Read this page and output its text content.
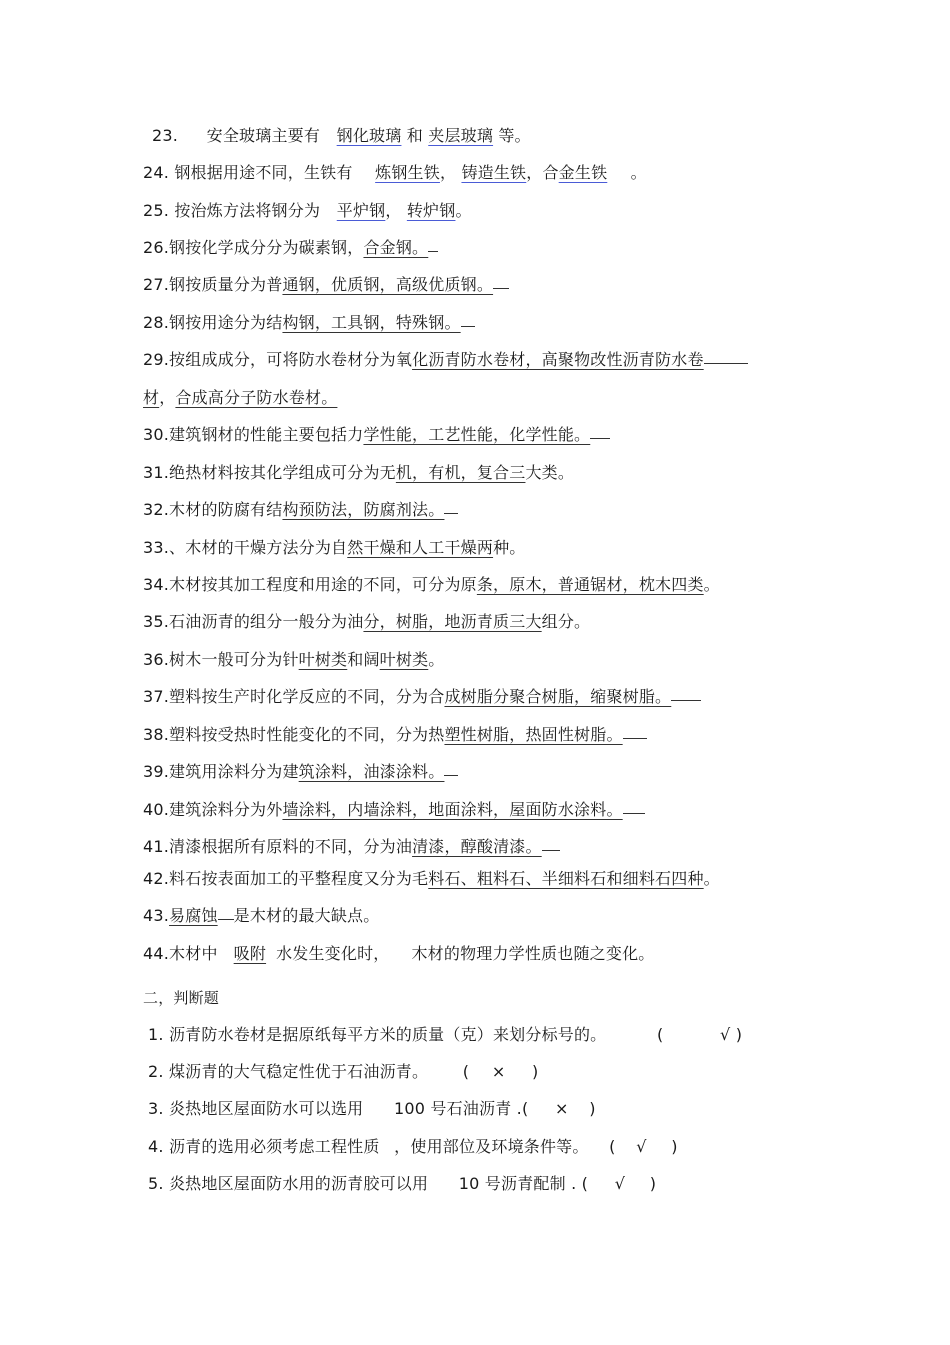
23. 安全玻璃主要有 钢化玻璃 和 夹层玻璃 等。
24. 钢根据用途不同，生铁有 炼钢生铁， 铸造生铁，合金生铁 。
25. 按治炼方法将钢分为 平炉钢， 转炉钢。
26.钢按化学成分分为碳素钢，合金钢。
27.钢按质量分为普通钢，优质钢，高级优质钢。
28.钢按用途分为结构钢，工具钢，特殊钢。
29.按组成成分，可将防水卷材分为氧化沥青防水卷材，高聚物改性沥青防水卷
材，合成高分子防水卷材。
30.建筑钢材的性能主要包括力学性能，工艺性能，化学性能。
31.绝热材料按其化学组成可分为无机，有机，复合三大类。
32.木材的防腐有结构预防法，防腐剂法。
33.、木材的干燥方法分为自然干燥和人工干燥两种。
34.木材按其加工程度和用途的不同，可分为原条，原木，普通锯材，枕木四类。
35.石油沥青的组分一般分为油分，树脂，地沥青质三大组分。
36.树木一般可分为针叶树类和阔叶树类。
37.塑料按生产时化学反应的不同，分为合成树脂分聚合树脂，缩聚树脂。
38.塑料按受热时性能变化的不同，分为热塑性树脂，热固性树脂。
39.建筑用涂料分为建筑涂料，油漆涂料。
40.建筑涂料分为外墙涂料，内墙涂料，地面涂料，屋面防水涂料。
41.清漆根据所有原料的不同，分为油清漆，醇酸清漆。
42.料石按表面加工的平整程度又分为毛料石、粗料石、半细料石和细料石四种。
43.易腐蚀 是木材的最大缺点。
44.木材中 吸附 水发生变化时， 木材的物理力学性质也随之变化。
二，判断题
1. 沥青防水卷材是据原纸每平方米的质量（克）来划分标号的。	(	√ )
2. 煤沥青的大气稳定性优于石油沥青。 ( × )
3. 炎热地区屋面防水可以选用 100 号石油沥青 .( × )
4. 沥青的选用必须考虑工程性质 ，使用部位及环境条件等。 ( √ )
5. 炎热地区屋面防水用的沥青胶可以用 10 号沥青配制 . ( √ )
